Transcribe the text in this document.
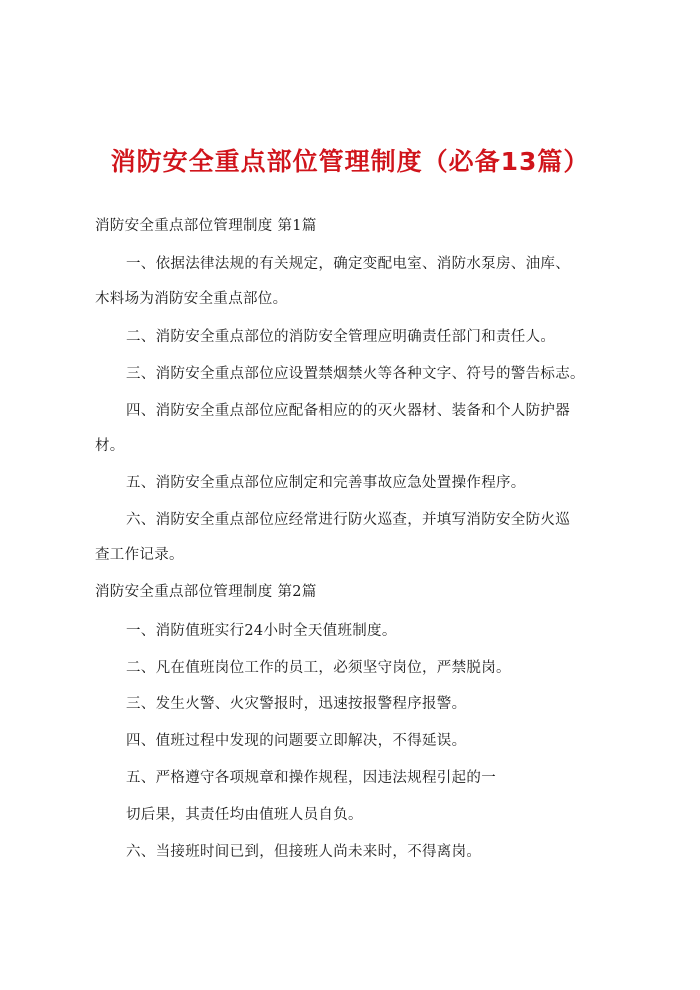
消防安全重点部位管理制度（必备13篇）
消防安全重点部位管理制度 第1篇
一、依据法律法规的有关规定，确定变配电室、消防水泵房、油库、
木料场为消防安全重点部位。
二、消防安全重点部位的消防安全管理应明确责任部门和责任人。
三、消防安全重点部位应设置禁烟禁火等各种文字、符号的警告标志。
四、消防安全重点部位应配备相应的的灭火器材、装备和个人防护器
材。
五、消防安全重点部位应制定和完善事故应急处置操作程序。
六、消防安全重点部位应经常进行防火巡查，并填写消防安全防火巡
查工作记录。
消防安全重点部位管理制度 第2篇
一、消防值班实行24小时全天值班制度。
二、凡在值班岗位工作的员工，必须坚守岗位，严禁脱岗。
三、发生火警、火灾警报时，迅速按报警程序报警。
四、值班过程中发现的问题要立即解决，不得延误。
五、严格遵守各项规章和操作规程，因违法规程引起的一
切后果，其责任均由值班人员自负。
六、当接班时间已到，但接班人尚未来时，不得离岗。
